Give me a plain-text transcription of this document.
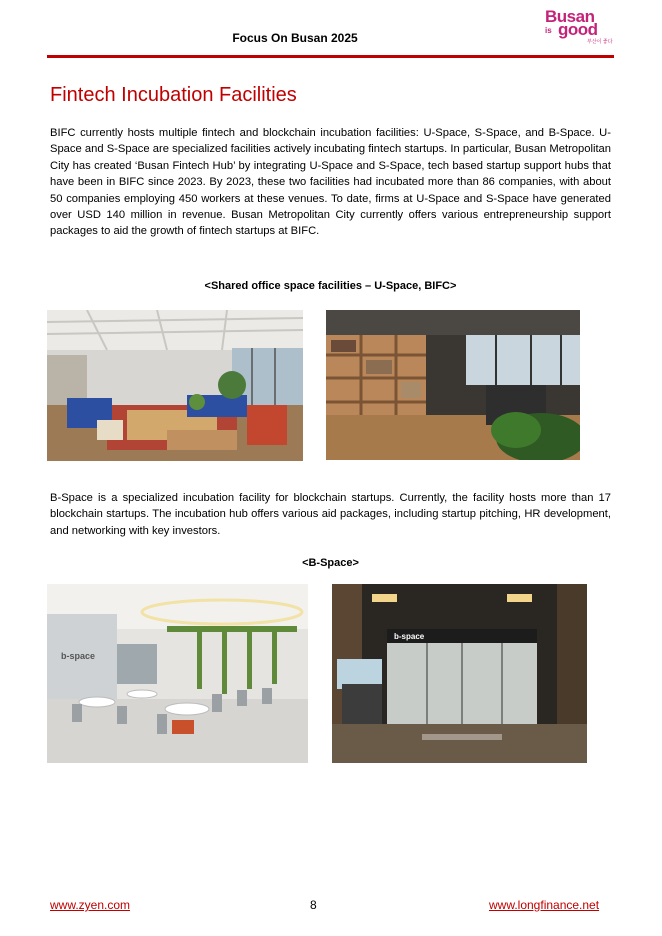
Focus On Busan 2025
Busan
is good
부산이 좋다
Fintech Incubation Facilities
BIFC currently hosts multiple fintech and blockchain incubation facilities: U-Space, S-Space, and B-Space. U-Space and S-Space are specialized facilities actively incubating fintech startups. In particular, Busan Metropolitan City has created ‘Busan Fintech Hub’ by integrating U-Space and S-Space, tech based startup support hubs that have been in BIFC since 2023. By 2023, these two facilities had incubated more than 86 companies, with about 50 companies employing 450 workers at these venues. To date, firms at U-Space and S-Space have generated over USD 140 million in revenue. Busan Metropolitan City currently offers various entrepreneurship support packages to aid the growth of fintech startups at BIFC.
<Shared office space facilities – U-Space, BIFC>
B-Space is a specialized incubation facility for blockchain startups. Currently, the facility hosts more than 17 blockchain startups. The incubation hub offers various aid packages, including startup pitching, HR development, and networking with key investors.
<B-Space>
b-space
b-space
www.zyen.com	8	www.longfinance.net
